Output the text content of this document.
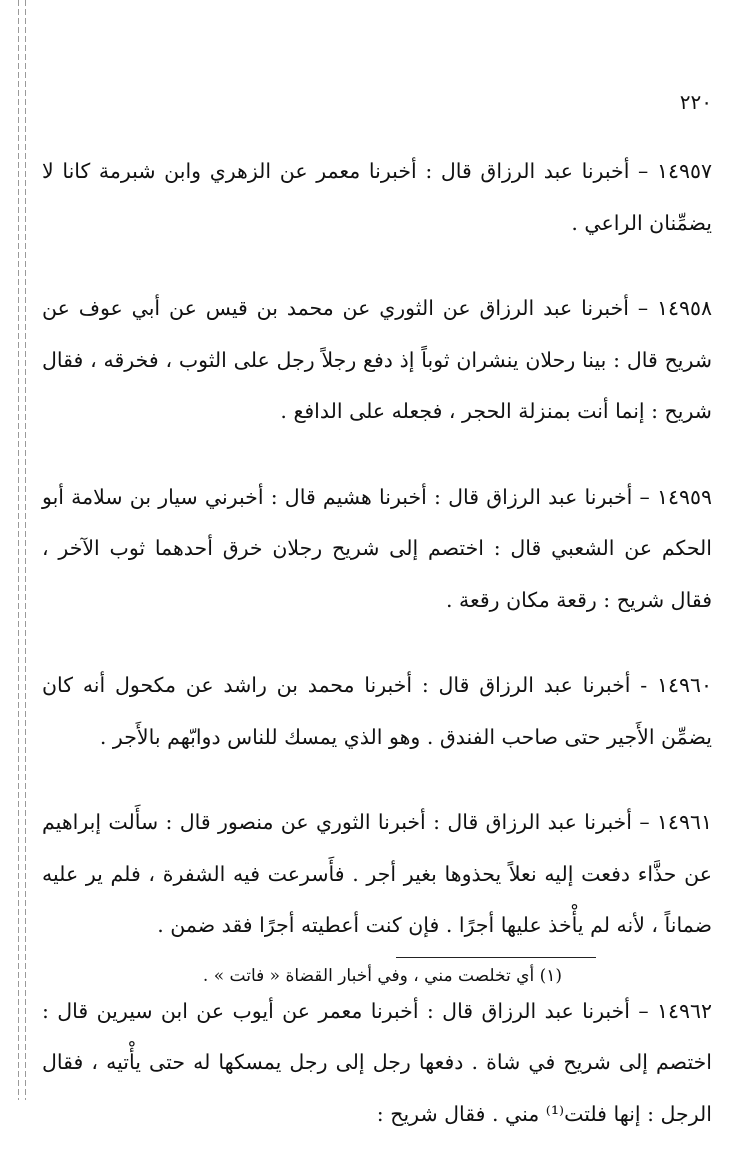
٢٢٠

١٤٩٥٧ – أخبرنا عبد الرزاق قال : أخبرنا معمر عن الزهري وابن شبرمة كانا لا يضمِّنان الراعي .

١٤٩٥٨ – أخبرنا عبد الرزاق عن الثوري عن محمد بن قيس عن أبي عوف عن شريح قال : بينا رحلان ينشران ثوباً إذ دفع رجلاً رجل على الثوب ، فخرقه ، فقال شريح : إنما أنت بمنزلة الحجر ، فجعله على الدافع .

١٤٩٥٩ – أخبرنا عبد الرزاق قال : أخبرنا هشيم قال : أخبرني سيار بن سلامة أبو الحكم عن الشعبي قال : اختصم إلى شريح رجلان خرق أحدهما ثوب الآخر ، فقال شريح : رقعة مكان رقعة .

١٤٩٦٠ - أخبرنا عبد الرزاق قال : أخبرنا محمد بن راشد عن مكحول أنه كان يضمِّن الأَجير حتى صاحب الفندق . وهو الذي يمسك للناس دوابّهم بالأَجر .

١٤٩٦١ – أخبرنا عبد الرزاق قال : أخبرنا الثوري عن منصور قال : سأَلت إبراهيم عن حذَّاء دفعت إليه نعلاً يحذوها بغير أجر . فأَسرعت فيه الشفرة ، فلم ير عليه ضماناً ، لأنه لم يأْخذ عليها أجرًا . فإن كنت أعطيته أجرًا فقد ضمن .

١٤٩٦٢ – أخبرنا عبد الرزاق قال : أخبرنا معمر عن أيوب عن ابن سيرين قال : اختصم إلى شريح في شاة . دفعها رجل إلى رجل يمسكها له حتى يأْتيه ، فقال الرجل : إنها فلتت⁽¹⁾ مني . فقال شريح :

(١) أي تخلصت مني ، وفي أخبار القضاة « فاتت » .
